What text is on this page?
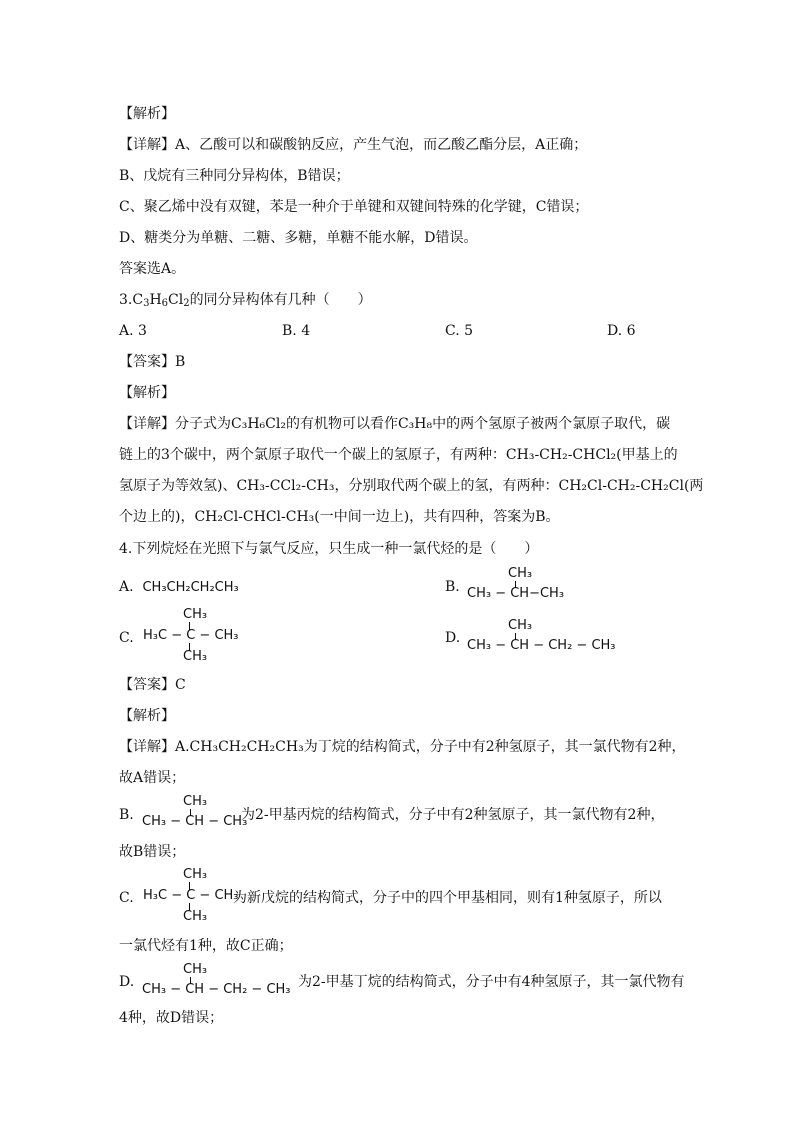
【解析】
【详解】A、乙酸可以和碳酸钠反应，产生气泡，而乙酸乙酯分层，A正确；
B、戊烷有三种同分异构体，B错误；
C、聚乙烯中没有双键，苯是一种介于单键和双键间特殊的化学键，C错误；
D、糖类分为单糖、二糖、多糖，单糖不能水解，D错误。
答案选A。
$3.C_3H_6Cl_2$的同分异构体有几种（　　）
A. 3	B. 4	C. 5	D. 6
【答案】B
【解析】
【详解】分子式为C₃H₆Cl₂的有机物可以看作C₃H₈中的两个氢原子被两个氯原子取代，碳
链上的3个碳中，两个氯原子取代一个碳上的氢原子，有两种：CH₃-CH₂-CHCl₂(甲基上的
氢原子为等效氢)、CH₃-CCl₂-CH₃，分别取代两个碳上的氢，有两种：CH₂Cl-CH₂-CH₂Cl(两
个边上的)，CH₂Cl-CHCl-CH₃(一中间一边上)，共有四种，答案为B。
4.下列烷烃在光照下与氯气反应，只生成一种一氯代烃的是（　　）
A. CH₃CH₂CH₂CH₃	B.
CH₃
CH₃ − CH−CH₃
C.
CH₃
H₃C − C − CH₃
CH₃
D.
CH₃
CH₃ − CH − CH₂ − CH₃
【答案】C
【解析】
【详解】A.CH₃CH₂CH₂CH₃为丁烷的结构简式，分子中有2种氢原子，其一氯代物有2种，
故A错误；
B.
CH₃
CH₃ − CH − CH₃
为2-甲基丙烷的结构简式，分子中有2种氢原子，其一氯代物有2种，
故B错误；
C.
CH₃
H₃C − C − CH₃
CH₃
为新戊烷的结构简式，分子中的四个甲基相同，则有1种氢原子，所以
一氯代烃有1种，故C正确；
D.
CH₃
CH₃ − CH − CH₂ − CH₃ 为2-甲基丁烷的结构简式，分子中有4种氢原子，其一氯代物有
4种，故D错误；
